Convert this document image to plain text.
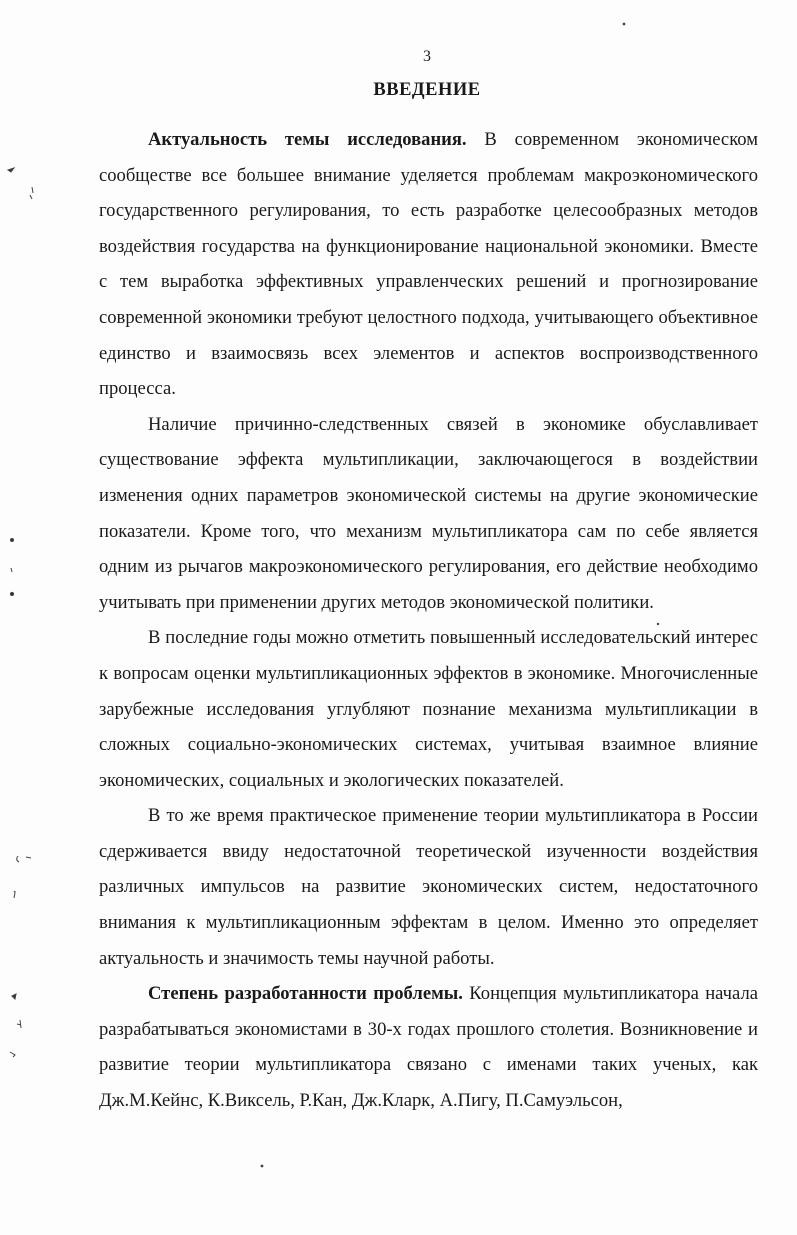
3
ВВЕДЕНИЕ

Актуальность темы исследования. В современном экономическом сообществе все большее внимание уделяется проблемам макроэкономического государственного регулирования, то есть разработке целесообразных методов воздействия государства на функционирование национальной экономики. Вместе с тем выработка эффективных управленческих решений и прогнозирование современной экономики требуют целостного подхода, учитывающего объективное единство и взаимосвязь всех элементов и аспектов воспроизводственного процесса.

Наличие причинно-следственных связей в экономике обуславливает существование эффекта мультипликации, заключающегося в воздействии изменения одних параметров экономической системы на другие экономические показатели. Кроме того, что механизм мультипликатора сам по себе является одним из рычагов макроэкономического регулирования, его действие необходимо учитывать при применении других методов экономической политики.

В последние годы можно отметить повышенный исследовательский интерес к вопросам оценки мультипликационных эффектов в экономике. Многочисленные зарубежные исследования углубляют познание механизма мультипликации в сложных социально-экономических системах, учитывая взаимное влияние экономических, социальных и экологических показателей.

В то же время практическое применение теории мультипликатора в России сдерживается ввиду недостаточной теоретической изученности воздействия различных импульсов на развитие экономических систем, недостаточного внимания к мультипликационным эффектам в целом. Именно это определяет актуальность и значимость темы научной работы.

Степень разработанности проблемы. Концепция мультипликатора начала разрабатываться экономистами в 30-х годах прошлого столетия. Возникновение и развитие теории мультипликатора связано с именами таких ученых, как Дж.М.Кейнс, К.Виксель, Р.Кан, Дж.Кларк, А.Пигу, П.Самуэльсон,
